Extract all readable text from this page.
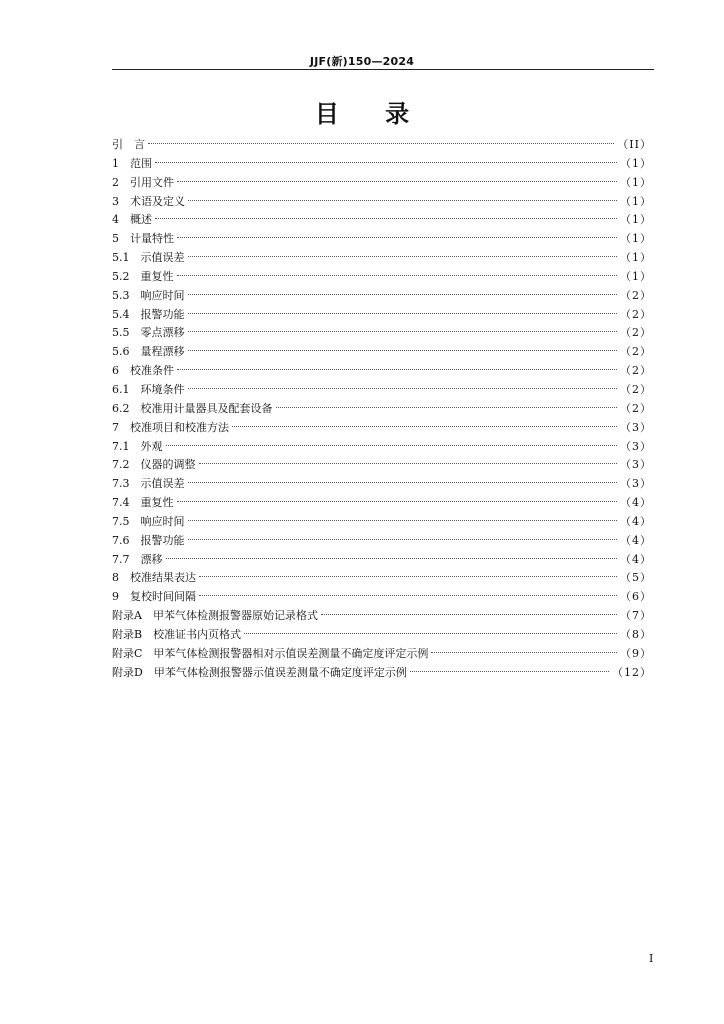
JJF(新)150—2024
目 录
引　言	（II）
1　范围	（1）
2　引用文件	（1）
3　术语及定义	（1）
4　概述	（1）
5　计量特性	（1）
5.1　示值误差	（1）
5.2　重复性	（1）
5.3　响应时间	（2）
5.4　报警功能	（2）
5.5　零点漂移	（2）
5.6　量程漂移	（2）
6　校准条件	（2）
6.1　环境条件	（2）
6.2　校准用计量器具及配套设备	（2）
7　校准项目和校准方法	（3）
7.1　外观	（3）
7.2　仪器的调整	（3）
7.3　示值误差	（3）
7.4　重复性	（4）
7.5　响应时间	（4）
7.6　报警功能	（4）
7.7　漂移	（4）
8　校准结果表达	（5）
9　复校时间间隔	（6）
附录A　甲苯气体检测报警器原始记录格式	（7）
附录B　校准证书内页格式	（8）
附录C　甲苯气体检测报警器相对示值误差测量不确定度评定示例	（9）
附录D　甲苯气体检测报警器示值误差测量不确定度评定示例	（12）
I
